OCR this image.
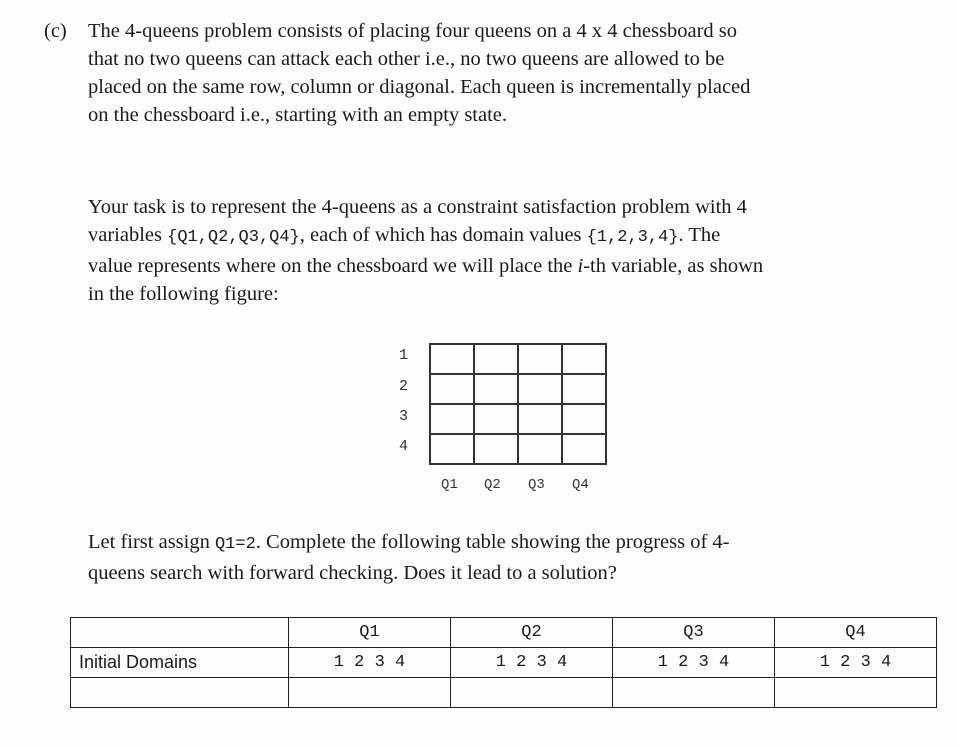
(c) The 4-queens problem consists of placing four queens on a 4 x 4 chessboard so
that no two queens can attack each other i.e., no two queens are allowed to be
placed on the same row, column or diagonal. Each queen is incrementally placed
on the chessboard i.e., starting with an empty state.
Your task is to represent the 4-queens as a constraint satisfaction problem with 4
variables {Q1,Q2,Q3,Q4}, each of which has domain values {1,2,3,4}. The
value represents where on the chessboard we will place the i-th variable, as shown
in the following figure:
1
2
3
4

Q1 Q2 Q3 Q4
Let first assign Q1=2. Complete the following table showing the progress of 4-
queens search with forward checking. Does it lead to a solution?
	Q1	Q2	Q3	Q4
Initial Domains	1 2 3 4	1 2 3 4	1 2 3 4	1 2 3 4
